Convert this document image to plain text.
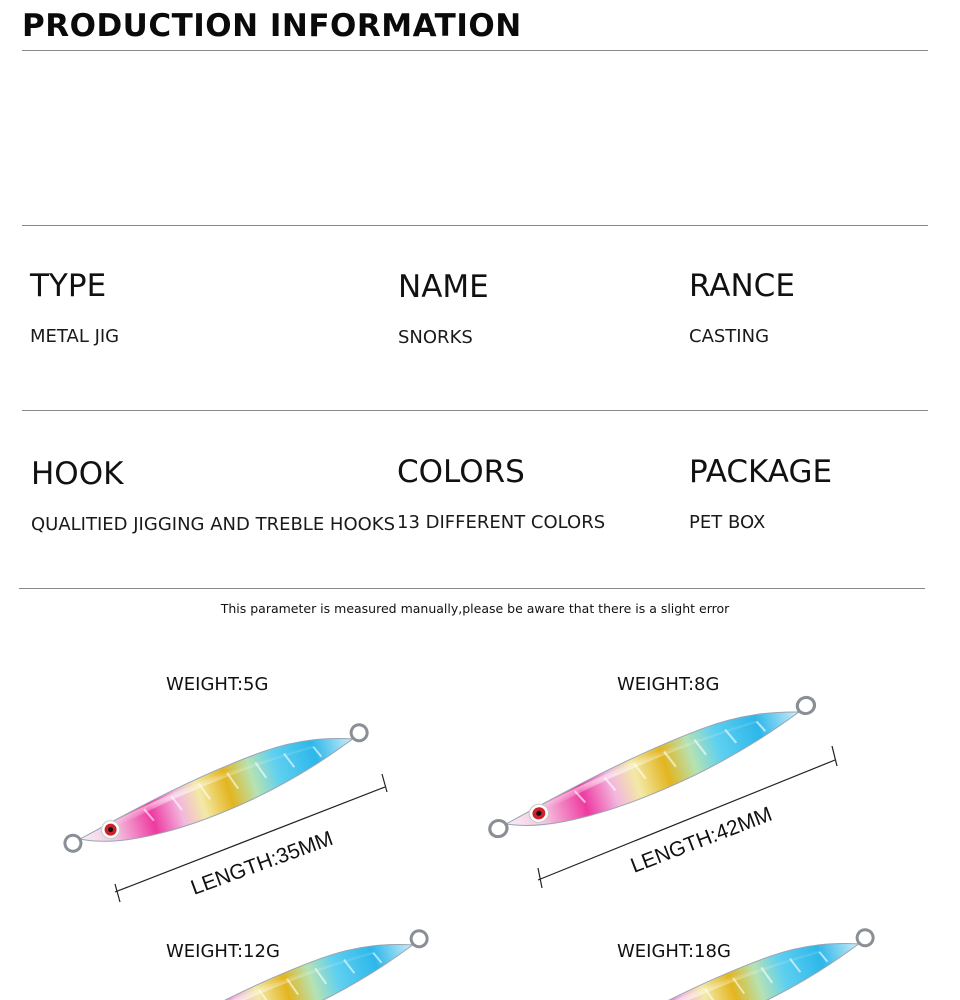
PRODUCTION INFORMATION
TYPE
METAL JIG
NAME
SNORKS
RANCE
CASTING
HOOK
QUALITIED JIGGING AND TREBLE HOOKS
COLORS
13 DIFFERENT COLORS
PACKAGE
PET BOX
This parameter is measured manually,please be aware that there is a slight error
WEIGHT:5G
LENGTH:35MM
WEIGHT:8G
LENGTH:42MM
WEIGHT:12G	WEIGHT:18G
